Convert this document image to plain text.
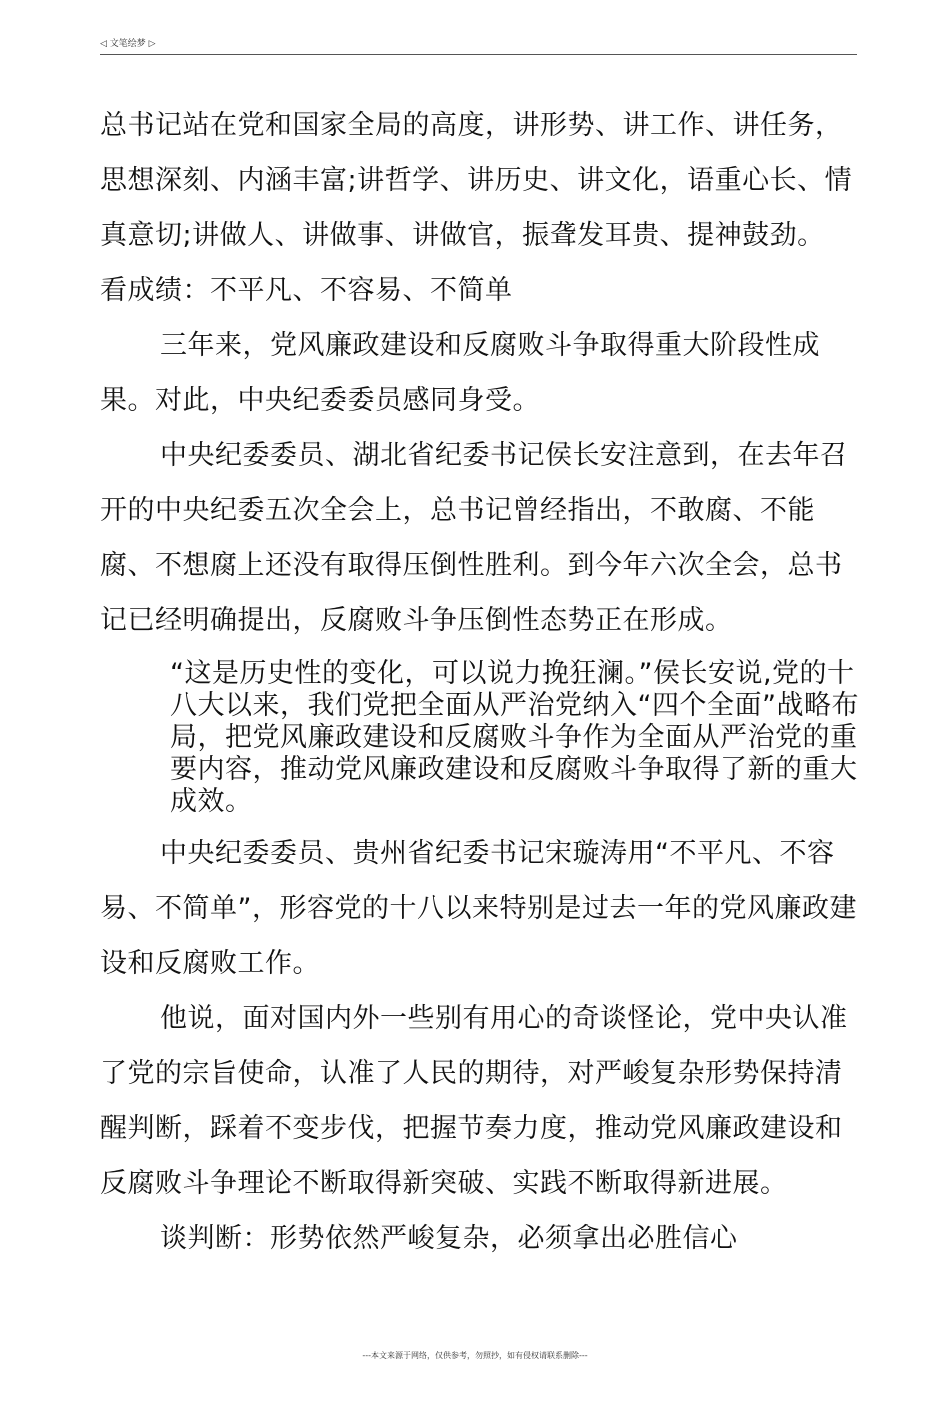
◁ 文笔绘梦 ▷

总书记站在党和国家全局的高度，讲形势、讲工作、讲任务，思想深刻、内涵丰富;讲哲学、讲历史、讲文化，语重心长、情真意切;讲做人、讲做事、讲做官，振聋发耳贵、提神鼓劲。

看成绩：不平凡、不容易、不简单

三年来，党风廉政建设和反腐败斗争取得重大阶段性成果。对此，中央纪委委员感同身受。

中央纪委委员、湖北省纪委书记侯长安注意到，在去年召开的中央纪委五次全会上，总书记曾经指出，不敢腐、不能腐、不想腐上还没有取得压倒性胜利。到今年六次全会，总书记已经明确提出，反腐败斗争压倒性态势正在形成。

“这是历史性的变化，可以说力挽狂澜。”侯长安说,党的十八大以来，我们党把全面从严治党纳入“四个全面”战略布局，把党风廉政建设和反腐败斗争作为全面从严治党的重要内容，推动党风廉政建设和反腐败斗争取得了新的重大成效。

中央纪委委员、贵州省纪委书记宋璇涛用“不平凡、不容易、不简单”，形容党的十八以来特别是过去一年的党风廉政建设和反腐败工作。

他说，面对国内外一些别有用心的奇谈怪论，党中央认准了党的宗旨使命，认准了人民的期待，对严峻复杂形势保持清醒判断，踩着不变步伐，把握节奏力度，推动党风廉政建设和反腐败斗争理论不断取得新突破、实践不断取得新进展。

谈判断：形势依然严峻复杂，必须拿出必胜信心

---本文来源于网络，仅供参考，勿照抄，如有侵权请联系删除---
